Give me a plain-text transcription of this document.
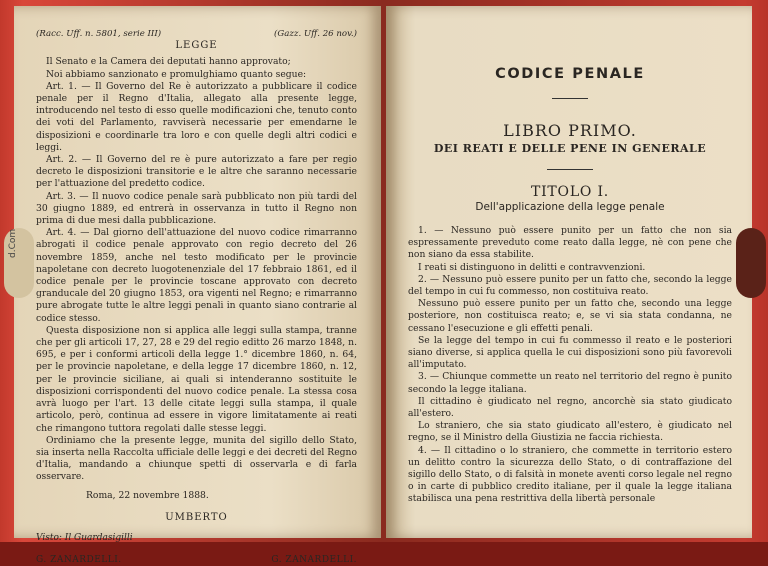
d.Com
(Racc. Uff. n. 5801, serie III)	(Gazz. Uff. 26 nov.)
LEGGE

Il Senato e la Camera dei deputati hanno approvato;

Noi abbiamo sanzionato e promulghiamo quanto segue:

Art. 1. — Il Governo del Re è autorizzato a pubblicare il codice penale per il Regno d'Italia, allegato alla presente legge, introducendo nel testo di esso quelle modificazioni che, tenuto conto dei voti del Parlamento, ravviserà necessarie per emendarne le disposizioni e coordinarle tra loro e con quelle degli altri codici e leggi.

Art. 2. — Il Governo del re è pure autorizzato a fare per regio decreto le disposizioni transitorie e le altre che saranno necessarie per l'attuazione del predetto codice.

Art. 3. — Il nuovo codice penale sarà pubblicato non più tardi del 30 giugno 1889, ed entrerà in osservanza in tutto il Regno non prima di due mesi dalla pubblicazione.

Art. 4. — Dal giorno dell'attuazione del nuovo codice rimarranno abrogati il codice penale approvato con regio decreto del 26 novembre 1859, anche nel testo modificato per le provincie napoletane con decreto luogotenenziale del 17 febbraio 1861, ed il codice penale per le provincie toscane approvato con decreto granducale del 20 giugno 1853, ora vigenti nel Regno; e rimarranno pure abrogate tutte le altre leggi penali in quanto siano contrarie al codice stesso.

Questa disposizione non si applica alle leggi sulla stampa, tranne che per gli articoli 17, 27, 28 e 29 del regio editto 26 marzo 1848, n. 695, e per i conformi articoli della legge 1.° dicembre 1860, n. 64, per le provincie napoletane, e della legge 17 dicembre 1860, n. 12, per le provincie siciliane, ai quali si intenderanno sostituite le disposizioni corrispondenti del nuovo codice penale. La stessa cosa avrà luogo per l'art. 13 delle citate leggi sulla stampa, il quale articolo, però, continua ad essere in vigore limitatamente ai reati che rimangono tuttora regolati dalle stesse leggi.

Ordiniamo che la presente legge, munita del sigillo dello Stato, sia inserta nella Raccolta ufficiale delle leggi e dei decreti del Regno d'Italia, mandando a chiunque spetti di osservarla e di farla osservare.

Roma, 22 novembre 1888.

UMBERTO
Visto: Il Guardasigilli
G. ZANARDELLI.	G. ZANARDELLI.
CODICE PENALE
LIBRO PRIMO.
DEI REATI E DELLE PENE IN GENERALE
TITOLO I.
Dell'applicazione della legge penale

1. — Nessuno può essere punito per un fatto che non sia espressamente preveduto come reato dalla legge, nè con pene che non siano da essa stabilite.

I reati si distinguono in delitti e contravvenzioni.

2. — Nessuno può essere punito per un fatto che, secondo la legge del tempo in cui fu commesso, non costituiva reato.

Nessuno può essere punito per un fatto che, secondo una legge posteriore, non costituisca reato; e, se vi sia stata condanna, ne cessano l'esecuzione e gli effetti penali.

Se la legge del tempo in cui fu commesso il reato e le posteriori siano diverse, si applica quella le cui disposizioni sono più favorevoli all'imputato.

3. — Chiunque commette un reato nel territorio del regno è punito secondo la legge italiana.

Il cittadino è giudicato nel regno, ancorchè sia stato giudicato all'estero.

Lo straniero, che sia stato giudicato all'estero, è giudicato nel regno, se il Ministro della Giustizia ne faccia richiesta.

4. — Il cittadino o lo straniero, che commette in territorio estero un delitto contro la sicurezza dello Stato, o di contraffazione del sigillo dello Stato, o di falsità in monete aventi corso legale nel regno o in carte di pubblico credito italiane, per il quale la legge italiana stabilisca una pena restrittiva della libertà personale
